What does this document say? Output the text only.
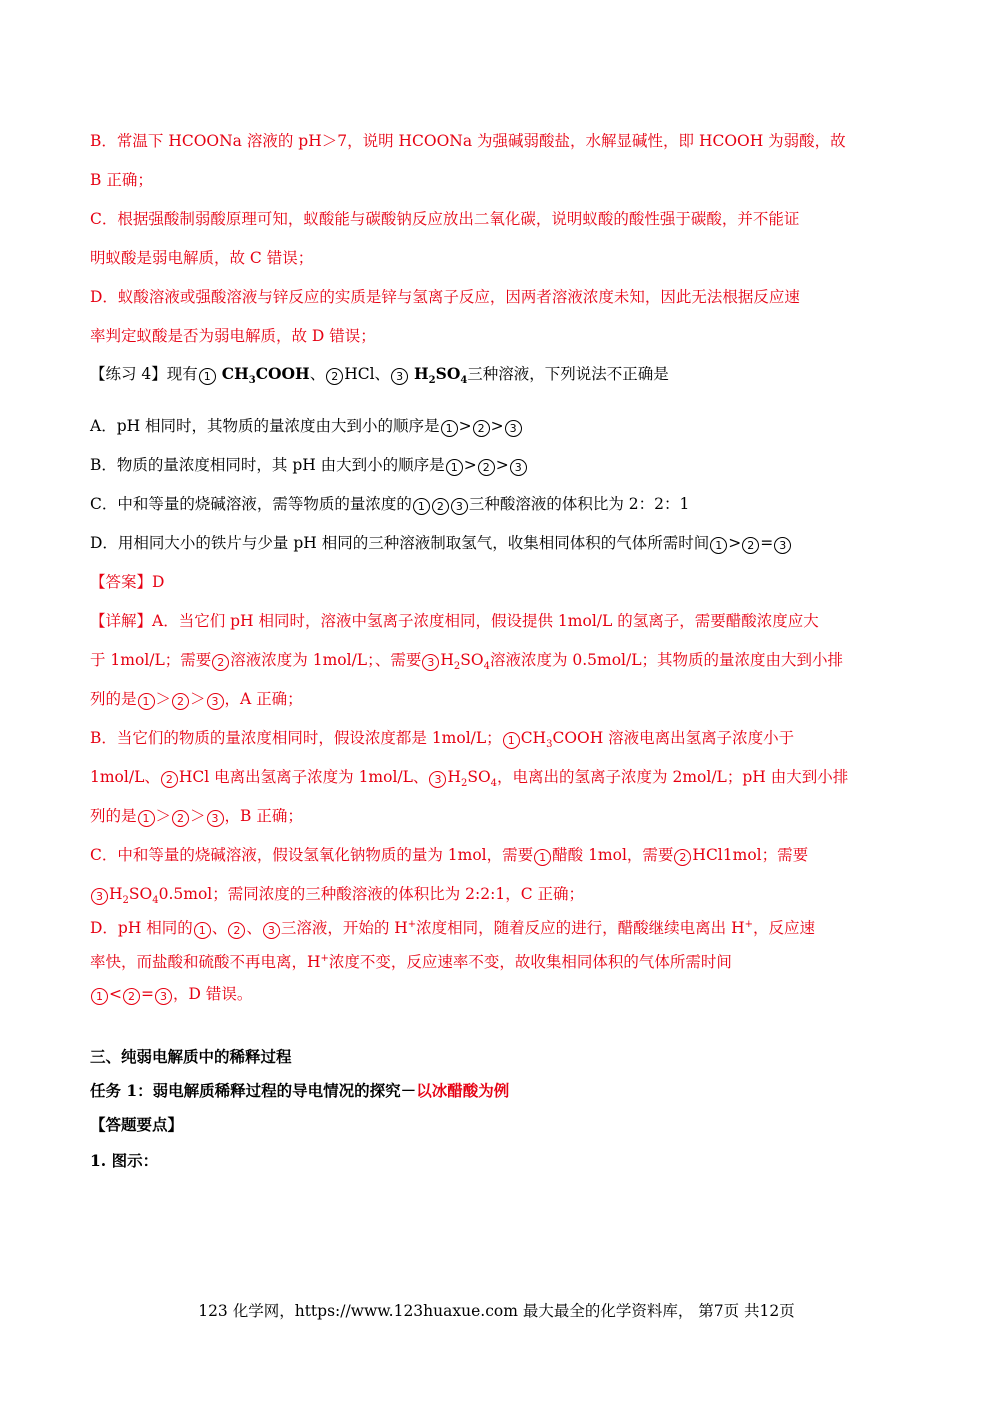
B．常温下 HCOONa 溶液的 pH＞7，说明 HCOONa 为强碱弱酸盐，水解显碱性，即 HCOOH 为弱酸，故
B 正确；
C．根据强酸制弱酸原理可知，蚁酸能与碳酸钠反应放出二氧化碳，说明蚁酸的酸性强于碳酸，并不能证
明蚁酸是弱电解质，故 C 错误；
D．蚁酸溶液或强酸溶液与锌反应的实质是锌与氢离子反应，因两者溶液浓度未知，因此无法根据反应速
率判定蚁酸是否为弱电解质，故 D 错误；
【练习 4】现有 1 $CH_3COOH$、 2 HCl、 3 $H_2SO_4$三种溶液，下列说法不正确是
A．pH 相同时，其物质的量浓度由大到小的顺序是 1 > 2 > 3
B．物质的量浓度相同时，其 pH 由大到小的顺序是 1 > 2 > 3
C．中和等量的烧碱溶液，需等物质的量浓度的 1 2 3 三种酸溶液的体积比为 2：2：1
D．用相同大小的铁片与少量 pH 相同的三种溶液制取氢气，收集相同体积的气体所需时间 1 > 2 = 3
【答案】D
【详解】A．当它们 pH 相同时，溶液中氢离子浓度相同，假设提供 1mol/L 的氢离子，需要醋酸浓度应大
于 1mol/L；需要 2 溶液浓度为 1mol/L；、需要 3 $H_2SO_4$溶液浓度为 0.5mol/L；其物质的量浓度由大到小排
列的是 1 ＞ 2 ＞ 3 ，A 正确；
B．当它们的物质的量浓度相同时，假设浓度都是 1mol/L； 1 $CH_3COOH$ 溶液电离出氢离子浓度小于
1mol/L、 2 HCl 电离出氢离子浓度为 1mol/L、 3 $H_2SO_4$，电离出的氢离子浓度为 2mol/L；pH 由大到小排
列的是 1 ＞ 2 ＞ 3 ，B 正确；
C．中和等量的烧碱溶液，假设氢氧化钠物质的量为 1mol，需要 1 醋酸 1mol，需要 2 HCl1mol；需要
3 $H_2SO_40.5mol$；需同浓度的三种酸溶液的体积比为 2:2:1，C 正确；
D．pH 相同的 1 、 2 、 3 三溶液，开始的 H+浓度相同，随着反应的进行，醋酸继续电离出 H+，反应速
率快，而盐酸和硫酸不再电离，H+浓度不变，反应速率不变，故收集相同体积的气体所需时间
1 < 2 = 3 ，D 错误。
三、纯弱电解质中的稀释过程
任务 1：弱电解质稀释过程的导电情况的探究－以冰醋酸为例
【答题要点】
1. 图示：
123 化学网，https://www.123huaxue.com 最大最全的化学资料库， 第7页 共12页
